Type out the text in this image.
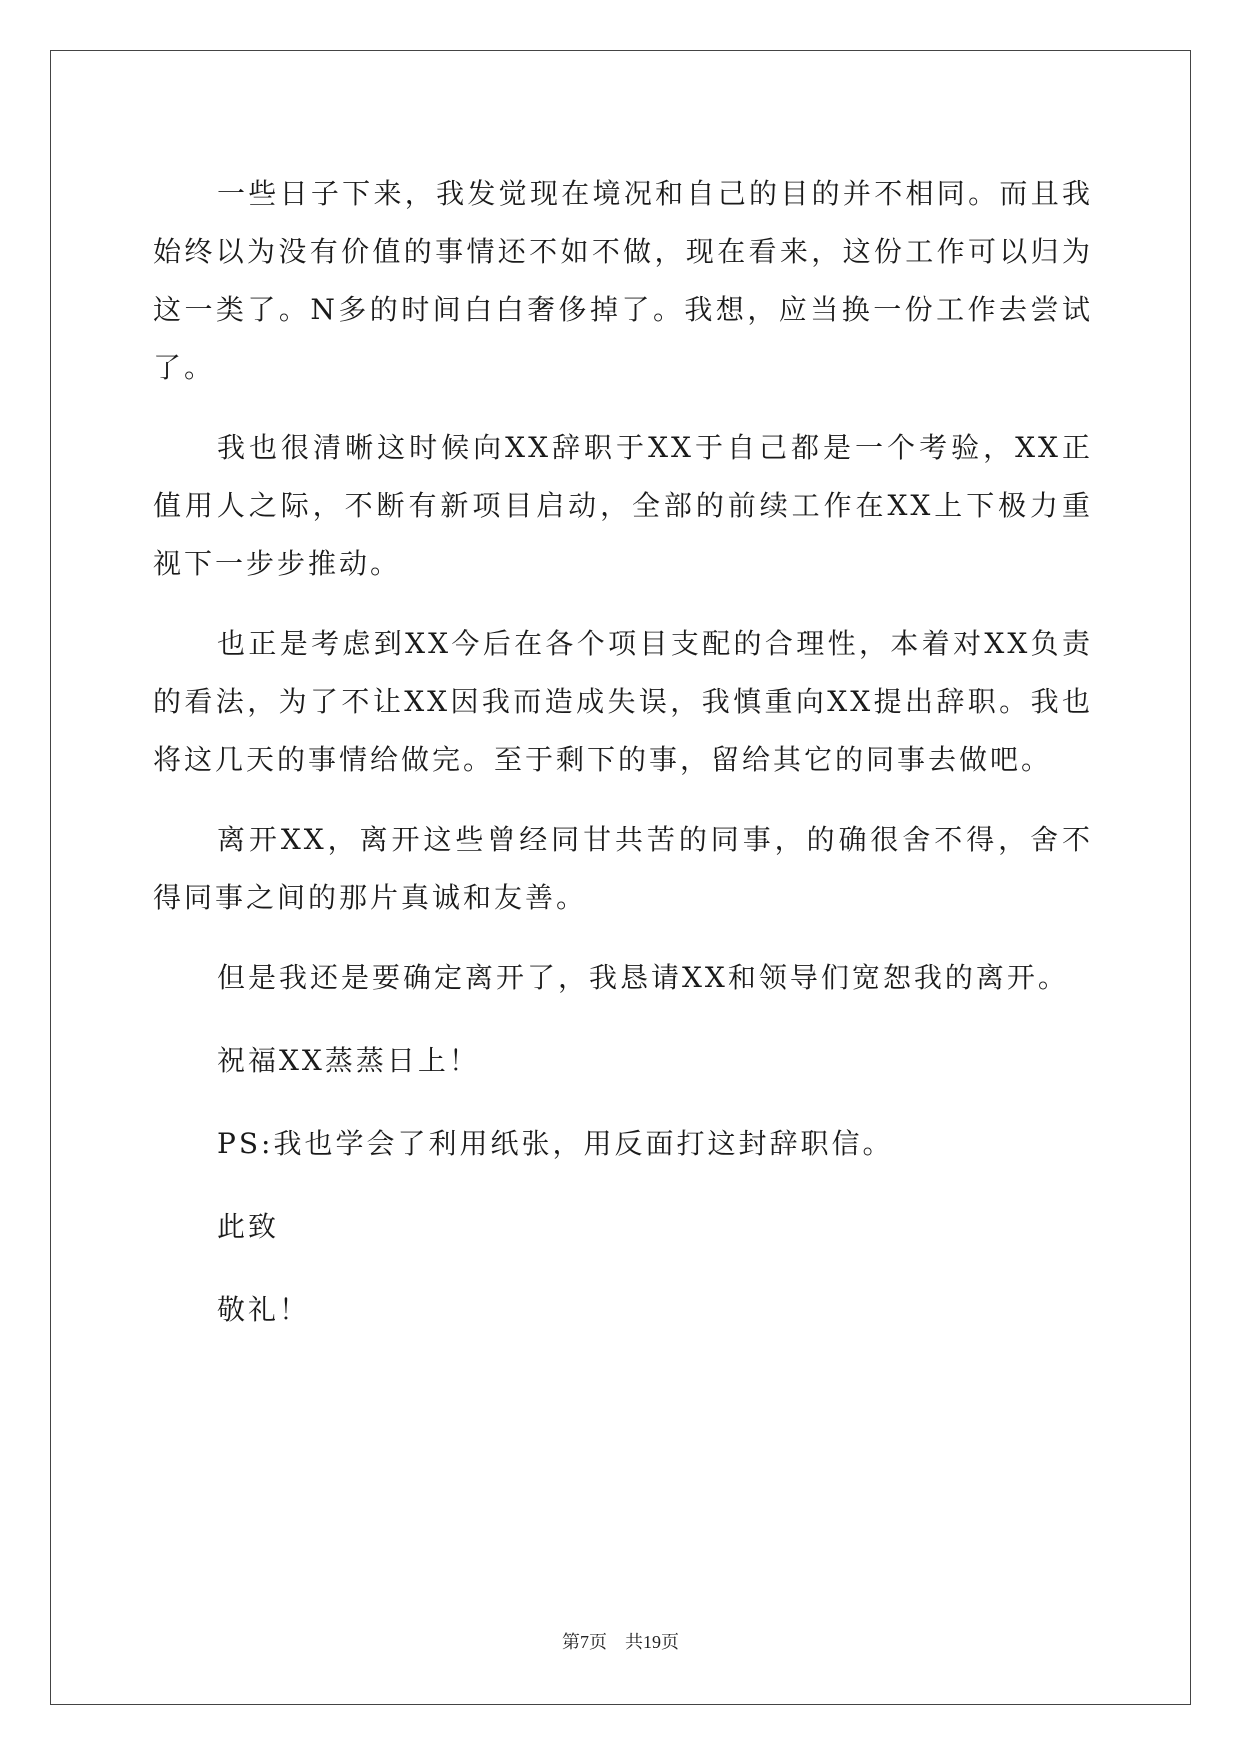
一些日子下来，我发觉现在境况和自己的目的并不相同。而且我始终以为没有价值的事情还不如不做，现在看来，这份工作可以归为这一类了。N多的时间白白奢侈掉了。我想，应当换一份工作去尝试了。

我也很清晰这时候向XX辞职于XX于自己都是一个考验，XX正值用人之际，不断有新项目启动，全部的前续工作在XX上下极力重视下一步步推动。

也正是考虑到XX今后在各个项目支配的合理性，本着对XX负责的看法，为了不让XX因我而造成失误，我慎重向XX提出辞职。我也将这几天的事情给做完。至于剩下的事，留给其它的同事去做吧。

离开XX，离开这些曾经同甘共苦的同事，的确很舍不得，舍不得同事之间的那片真诚和友善。

但是我还是要确定离开了，我恳请XX和领导们宽恕我的离开。

祝福XX蒸蒸日上！

PS:我也学会了利用纸张，用反面打这封辞职信。

此致

敬礼！

第7页 共19页
